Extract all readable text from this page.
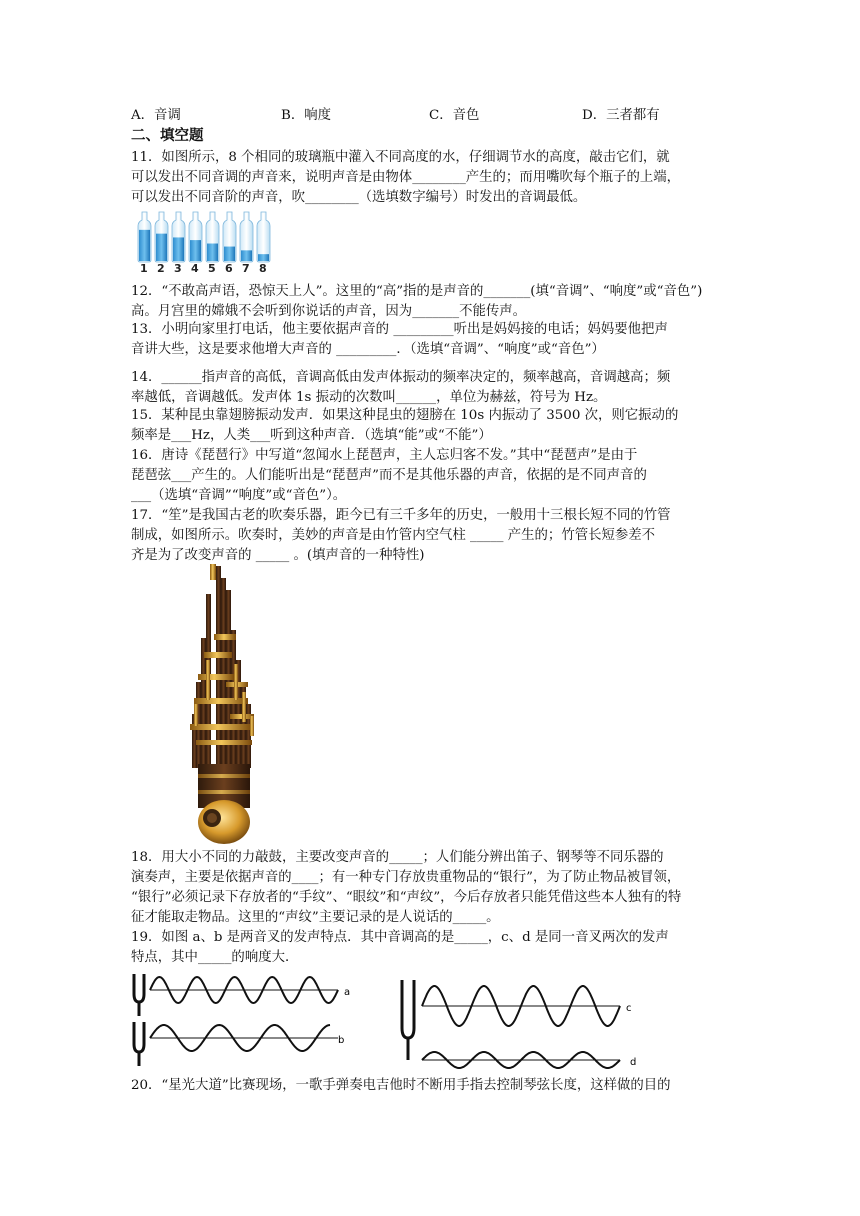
A．音调	B．响度	C．音色	D．三者都有
二、填空题
11．如图所示，8 个相同的玻璃瓶中灌入不同高度的水，仔细调节水的高度，敲击它们，就
可以发出不同音调的声音来，说明声音是由物体________产生的；而用嘴吹每个瓶子的上端，
可以发出不同音阶的声音，吹________（选填数字编号）时发出的音调最低。
1 2 3 4 5 6 7 8
12．“不敢高声语，恐惊天上人”。这里的“高”指的是声音的_______(填“音调”、“响度”或“音色”)
高。月宫里的嫦娥不会听到你说话的声音，因为_______不能传声。
13．小明向家里打电话，他主要依据声音的 _________听出是妈妈接的电话；妈妈要他把声
音讲大些，这是要求他增大声音的 _________．（选填“音调”、“响度”或“音色”）
14．______指声音的高低，音调高低由发声体振动的频率决定的，频率越高，音调越高；频
率越低，音调越低。发声体 1s 振动的次数叫______，单位为赫兹，符号为 Hz。
15．某种昆虫靠翅膀振动发声．如果这种昆虫的翅膀在 10s 内振动了 3500 次，则它振动的
频率是___Hz，人类___听到这种声音．（选填“能”或“不能”）
16．唐诗《琵琶行》中写道“忽闻水上琵琶声，主人忘归客不发。”其中“琵琶声”是由于
琵琶弦___产生的。人们能听出是“琵琶声”而不是其他乐器的声音，依据的是不同声音的
___（选填“音调”“响度”或“音色”）。
17．“笙”是我国古老的吹奏乐器，距今已有三千多年的历史，一般用十三根长短不同的竹管
制成，如图所示。吹奏时，美妙的声音是由竹管内空气柱 _____ 产生的；竹管长短参差不
齐是为了改变声音的 _____ 。(填声音的一种特性)
18．用大小不同的力敲鼓，主要改变声音的_____；人们能分辨出笛子、钢琴等不同乐器的
演奏声，主要是依据声音的____；有一种专门存放贵重物品的“银行”，为了防止物品被冒领，
“银行”必须记录下存放者的“手纹”、“眼纹”和“声纹”，今后存放者只能凭借这些本人独有的特
征才能取走物品。这里的“声纹”主要记录的是人说话的_____。
19．如图 a、b 是两音叉的发声特点．其中音调高的是_____，c、d 是同一音叉两次的发声
特点，其中_____的响度大．
a
b
c
d
20．“星光大道”比赛现场，一歌手弹奏电吉他时不断用手指去控制琴弦长度，这样做的目的
